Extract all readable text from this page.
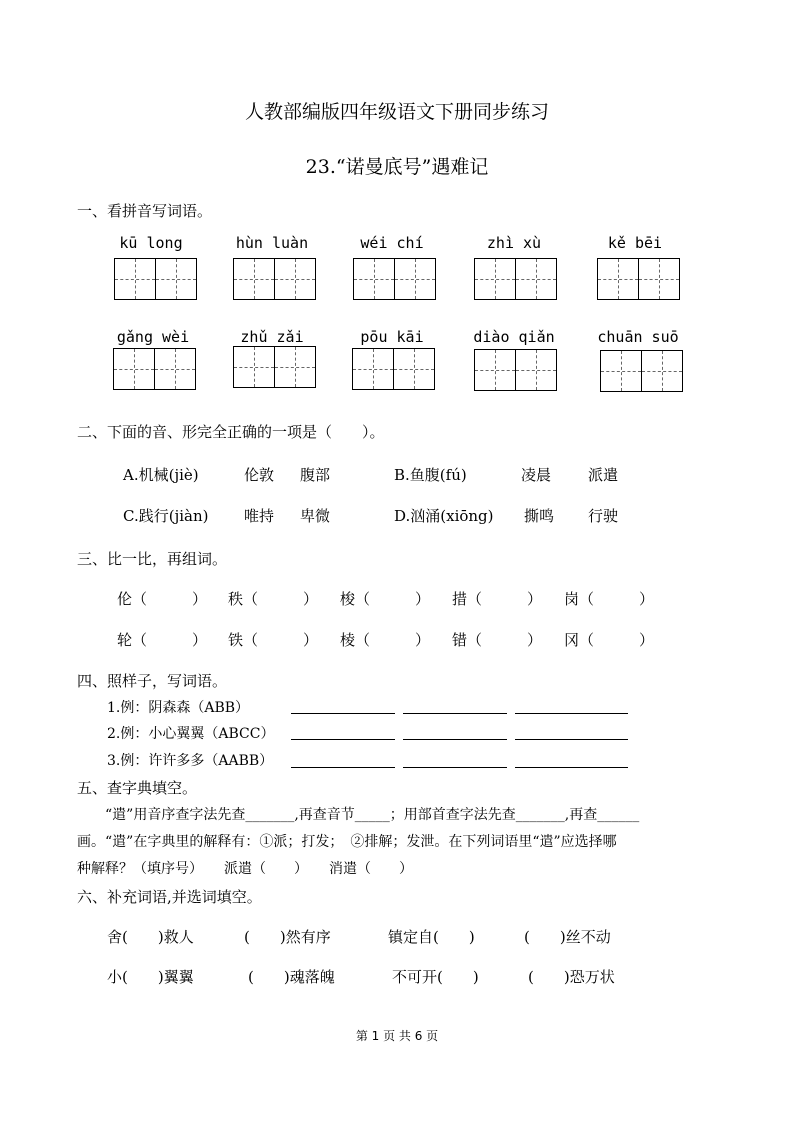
人教部编版四年级语文下册同步练习
23.“诺曼底号”遇难记
一、看拼音写词语。
kū long	hùn luàn	wéi chí	zhì xù	kě bēi
gǎng wèi	zhǔ zǎi	pōu kāi	diào qiǎn	chuān suō
二、下面的音、形完全正确的一项是（　　）。
A.机械(jiè)	伦敦 腹部	B.鱼腹(fú)	凌晨 派遣
C.践行(jiàn) 唯持 卑微	D.汹涌(xiōng) 撕鸣 行驶
三、比一比，再组词。
伦（　　　） 秩（　　　） 梭（　　　） 措（　　　） 岗（　　　）
轮（　　　） 铁（　　　） 棱（　　　） 错（　　　） 冈（　　　）
四、照样子，写词语。
1.例：阴森森（ABB）
2.例：小心翼翼（ABCC）
3.例：许许多多（AABB）
五、查字典填空。
“遣”用音序查字法先查_______,再查音节_____；用部首查字法先查_______,再查______
画。“遣”在字典里的解释有：①派；打发；　②排解；发泄。在下列词语里“遣”应选择哪
种解释？（填序号）　　派遣（　　）　　消遣（　　）
六、补充词语,并选词填空。
舍(　　)救人	(　　)然有序	镇定自(　　)	(　　)丝不动
小(　　)翼翼	(　　)魂落魄	不可开(　　)	(　　)恐万状
第 1 页 共 6 页
